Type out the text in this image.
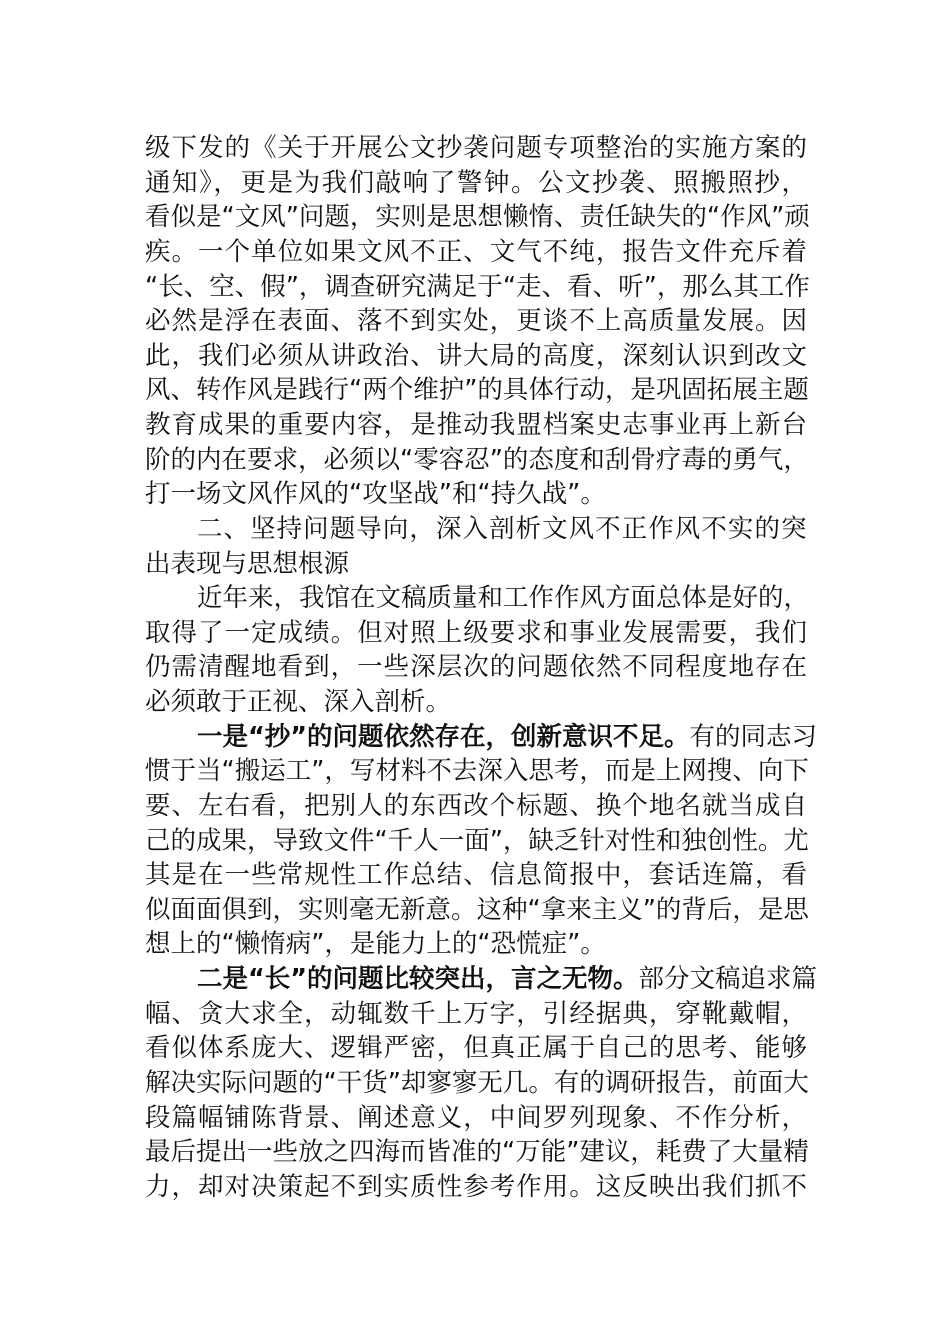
级下发的《关于开展公文抄袭问题专项整治的实施方案的
通知》，更是为我们敲响了警钟。公文抄袭、照搬照抄，
看似是“文风”问题，实则是思想懒惰、责任缺失的“作风”顽
疾。一个单位如果文风不正、文气不纯，报告文件充斥着
“长、空、假”，调查研究满足于“走、看、听”，那么其工作
必然是浮在表面、落不到实处，更谈不上高质量发展。因
此，我们必须从讲政治、讲大局的高度，深刻认识到改文
风、转作风是践行“两个维护”的具体行动，是巩固拓展主题
教育成果的重要内容，是推动我盟档案史志事业再上新台
阶的内在要求，必须以“零容忍”的态度和刮骨疗毒的勇气，
打一场文风作风的“攻坚战”和“持久战”。
二、坚持问题导向，深入剖析文风不正作风不实的突
出表现与思想根源
近年来，我馆在文稿质量和工作作风方面总体是好的，
取得了一定成绩。但对照上级要求和事业发展需要，我们
仍需清醒地看到，一些深层次的问题依然不同程度地存在
必须敢于正视、深入剖析。
一是“抄”的问题依然存在，创新意识不足。有的同志习
惯于当“搬运工”，写材料不去深入思考，而是上网搜、向下
要、左右看，把别人的东西改个标题、换个地名就当成自
己的成果，导致文件“千人一面”，缺乏针对性和独创性。尤
其是在一些常规性工作总结、信息简报中，套话连篇，看
似面面俱到，实则毫无新意。这种“拿来主义”的背后，是思
想上的“懒惰病”，是能力上的“恐慌症”。
二是“长”的问题比较突出，言之无物。部分文稿追求篇
幅、贪大求全，动辄数千上万字，引经据典，穿靴戴帽，
看似体系庞大、逻辑严密，但真正属于自己的思考、能够
解决实际问题的“干货”却寥寥无几。有的调研报告，前面大
段篇幅铺陈背景、阐述意义，中间罗列现象、不作分析，
最后提出一些放之四海而皆准的“万能”建议，耗费了大量精
力，却对决策起不到实质性参考作用。这反映出我们抓不
